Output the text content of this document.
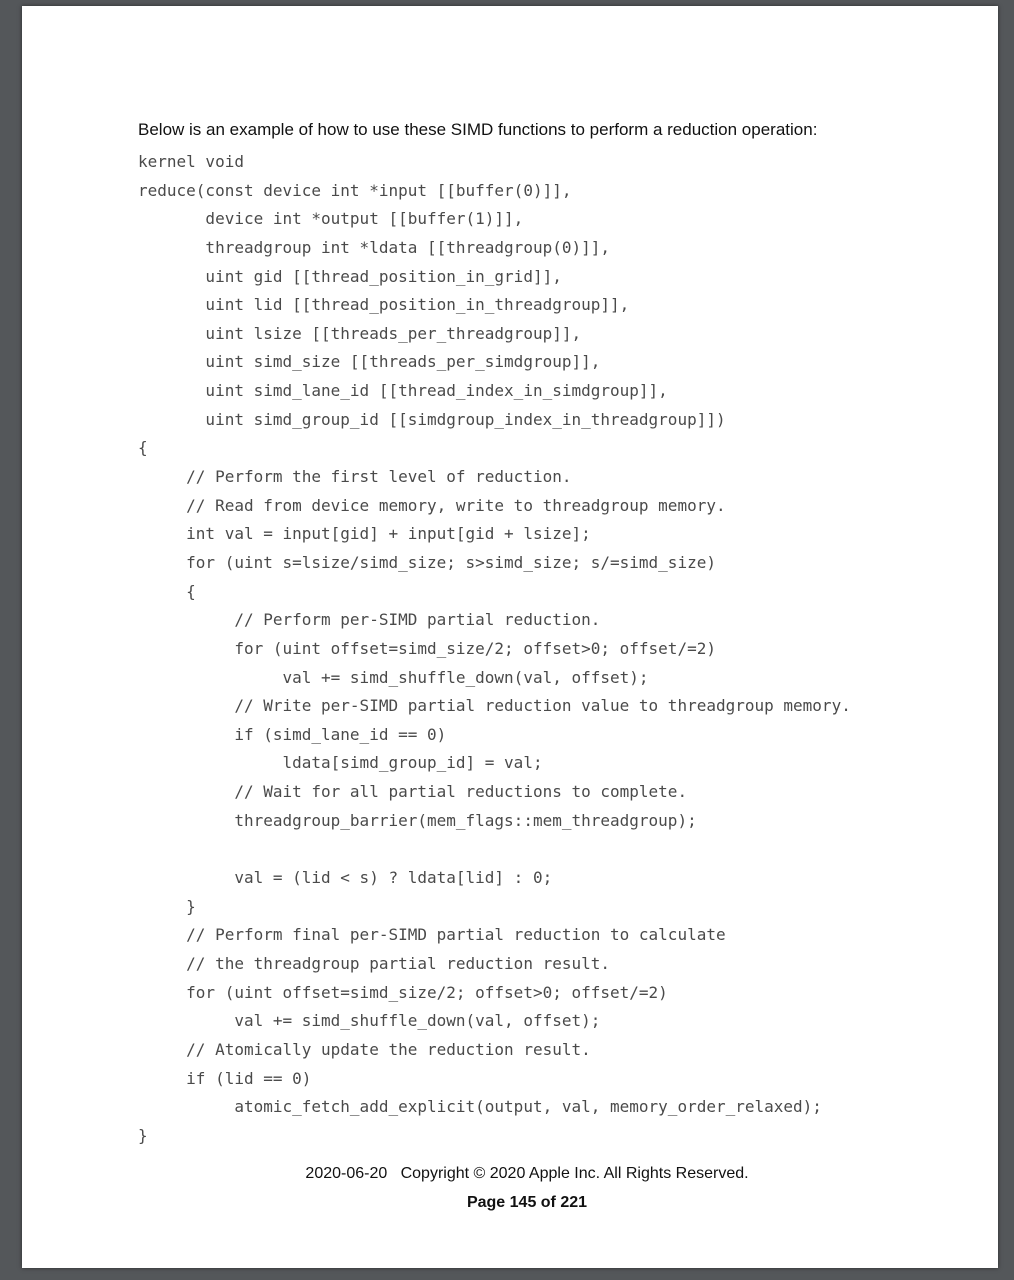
Below is an example of how to use these SIMD functions to perform a reduction operation:

kernel void
reduce(const device int *input [[buffer(0)]],
device int *output [[buffer(1)]],
threadgroup int *ldata [[threadgroup(0)]],
uint gid [[thread_position_in_grid]],
uint lid [[thread_position_in_threadgroup]],
uint lsize [[threads_per_threadgroup]],
uint simd_size [[threads_per_simdgroup]],
uint simd_lane_id [[thread_index_in_simdgroup]],
uint simd_group_id [[simdgroup_index_in_threadgroup]])
{
// Perform the first level of reduction.
// Read from device memory, write to threadgroup memory.
int val = input[gid] + input[gid + lsize];
for (uint s=lsize/simd_size; s>simd_size; s/=simd_size)
{
// Perform per-SIMD partial reduction.
for (uint offset=simd_size/2; offset>0; offset/=2)
val += simd_shuffle_down(val, offset);
// Write per-SIMD partial reduction value to threadgroup memory.
if (simd_lane_id == 0)
ldata[simd_group_id] = val;
// Wait for all partial reductions to complete.
threadgroup_barrier(mem_flags::mem_threadgroup);
val = (lid < s) ? ldata[lid] : 0;
}
// Perform final per-SIMD partial reduction to calculate
// the threadgroup partial reduction result.
for (uint offset=simd_size/2; offset>0; offset/=2)
val += simd_shuffle_down(val, offset);
// Atomically update the reduction result.
if (lid == 0)
atomic_fetch_add_explicit(output, val, memory_order_relaxed);
}
2020-06-20   Copyright © 2020 Apple Inc. All Rights Reserved.
Page 145 of 221
